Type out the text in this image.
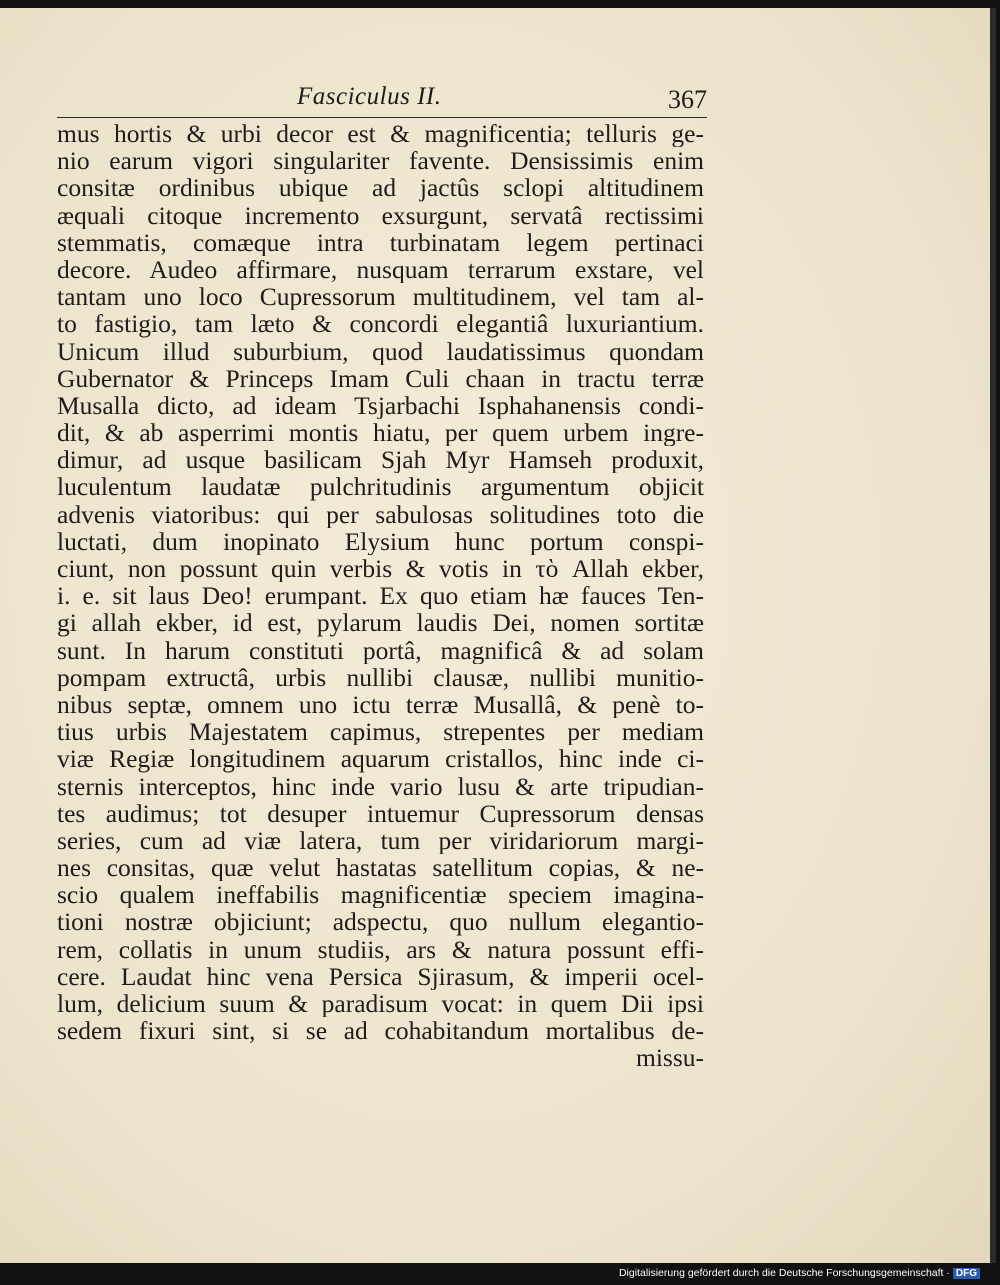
Fasciculus II.	367
mus hortis & urbi decor est & magnificentia; telluris ge-
nio earum vigori singulariter favente. Densissimis enim
consitæ ordinibus ubique ad jactûs sclopi altitudinem
æquali citoque incremento exsurgunt, servatâ rectissimi
stemmatis, comæque intra turbinatam legem pertinaci
decore. Audeo affirmare, nusquam terrarum exstare, vel
tantam uno loco Cupressorum multitudinem, vel tam al-
to fastigio, tam læto & concordi elegantiâ luxuriantium.
Unicum illud suburbium, quod laudatissimus quondam
Gubernator & Princeps Imam Culi chaan in tractu terræ
Musalla dicto, ad ideam Tsjarbachi Isphahanensis condi-
dit, & ab asperrimi montis hiatu, per quem urbem ingre-
dimur, ad usque basilicam Sjah Myr Hamseh produxit,
luculentum laudatæ pulchritudinis argumentum objicit
advenis viatoribus: qui per sabulosas solitudines toto die
luctati, dum inopinato Elysium hunc portum conspi-
ciunt, non possunt quin verbis & votis in τὸ Allah ekber,
i. e. sit laus Deo! erumpant. Ex quo etiam hæ fauces Ten-
gi allah ekber, id est, pylarum laudis Dei, nomen sortitæ
sunt. In harum constituti portâ, magnificâ & ad solam
pompam extructâ, urbis nullibi clausæ, nullibi munitio-
nibus septæ, omnem uno ictu terræ Musallâ, & penè to-
tius urbis Majestatem capimus, strepentes per mediam
viæ Regiæ longitudinem aquarum cristallos, hinc inde ci-
sternis interceptos, hinc inde vario lusu & arte tripudian-
tes audimus; tot desuper intuemur Cupressorum densas
series, cum ad viæ latera, tum per viridariorum margi-
nes consitas, quæ velut hastatas satellitum copias, & ne-
scio qualem ineffabilis magnificentiæ speciem imagina-
tioni nostræ objiciunt; adspectu, quo nullum elegantio-
rem, collatis in unum studiis, ars & natura possunt effi-
cere. Laudat hinc vena Persica Sjirasum, & imperii ocel-
lum, delicium suum & paradisum vocat: in quem Dii ipsi
sedem fixuri sint, si se ad cohabitandum mortalibus de-
missu-
Digitalisierung gefördert durch die Deutsche Forschungsgemeinschaft · DFG
